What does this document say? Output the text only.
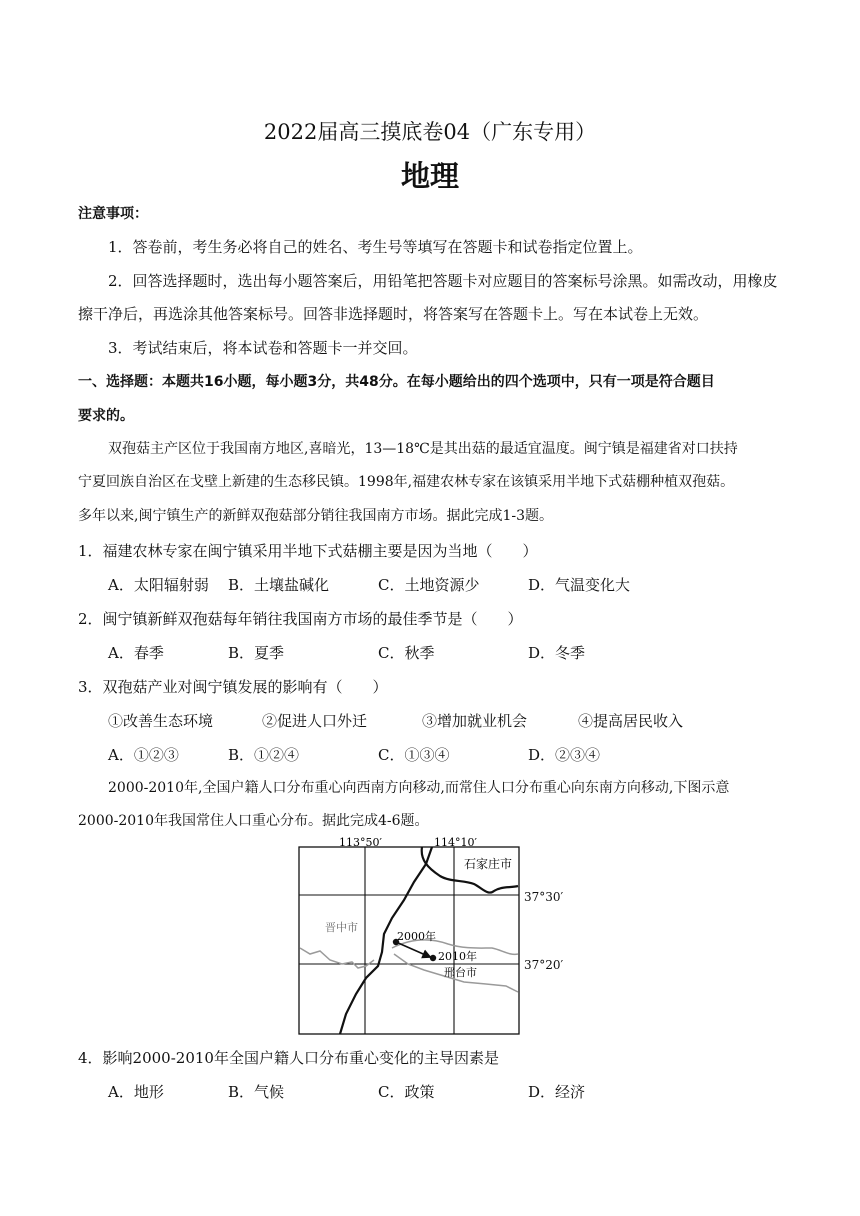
2022届高三摸底卷04（广东专用）
地理
注意事项：
1．答卷前，考生务必将自己的姓名、考生号等填写在答题卡和试卷指定位置上。
2．回答选择题时，选出每小题答案后，用铅笔把答题卡对应题目的答案标号涂黑。如需改动，用橡皮
擦干净后，再选涂其他答案标号。回答非选择题时，将答案写在答题卡上。写在本试卷上无效。
3．考试结束后，将本试卷和答题卡一并交回。
一、选择题：本题共16小题，每小题3分，共48分。在每小题给出的四个选项中，只有一项是符合题目
要求的。
双孢菇主产区位于我国南方地区,喜暗光，13—18℃是其出菇的最适宜温度。闽宁镇是福建省对口扶持
宁夏回族自治区在戈壁上新建的生态移民镇。1998年,福建农林专家在该镇采用半地下式菇棚种植双孢菇。
多年以来,闽宁镇生产的新鲜双孢菇部分销往我国南方市场。据此完成1-3题。
1．福建农林专家在闽宁镇采用半地下式菇棚主要是因为当地（　　）
A．太阳辐射弱 B．土壤盐碱化	C．土地资源少	D．气温变化大
2．闽宁镇新鲜双孢菇每年销往我国南方市场的最佳季节是（　　）
A．春季	B．夏季	C．秋季	D．冬季
3．双孢菇产业对闽宁镇发展的影响有（　　）
①改善生态环境	②促进人口外迁	③增加就业机会	④提高居民收入
A．①②③	B．①②④	C．①③④	D．②③④
2000-2010年,全国户籍人口分布重心向西南方向移动,而常住人口分布重心向东南方向移动,下图示意
2000-2010年我国常住人口重心分布。据此完成4-6题。
113°50′	114°10′
石家庄市
晋中市
2000年
2010年
邢台市
37°30′
37°20′
4．影响2000-2010年全国户籍人口分布重心变化的主导因素是
A．地形	B．气候	C．政策	D．经济
